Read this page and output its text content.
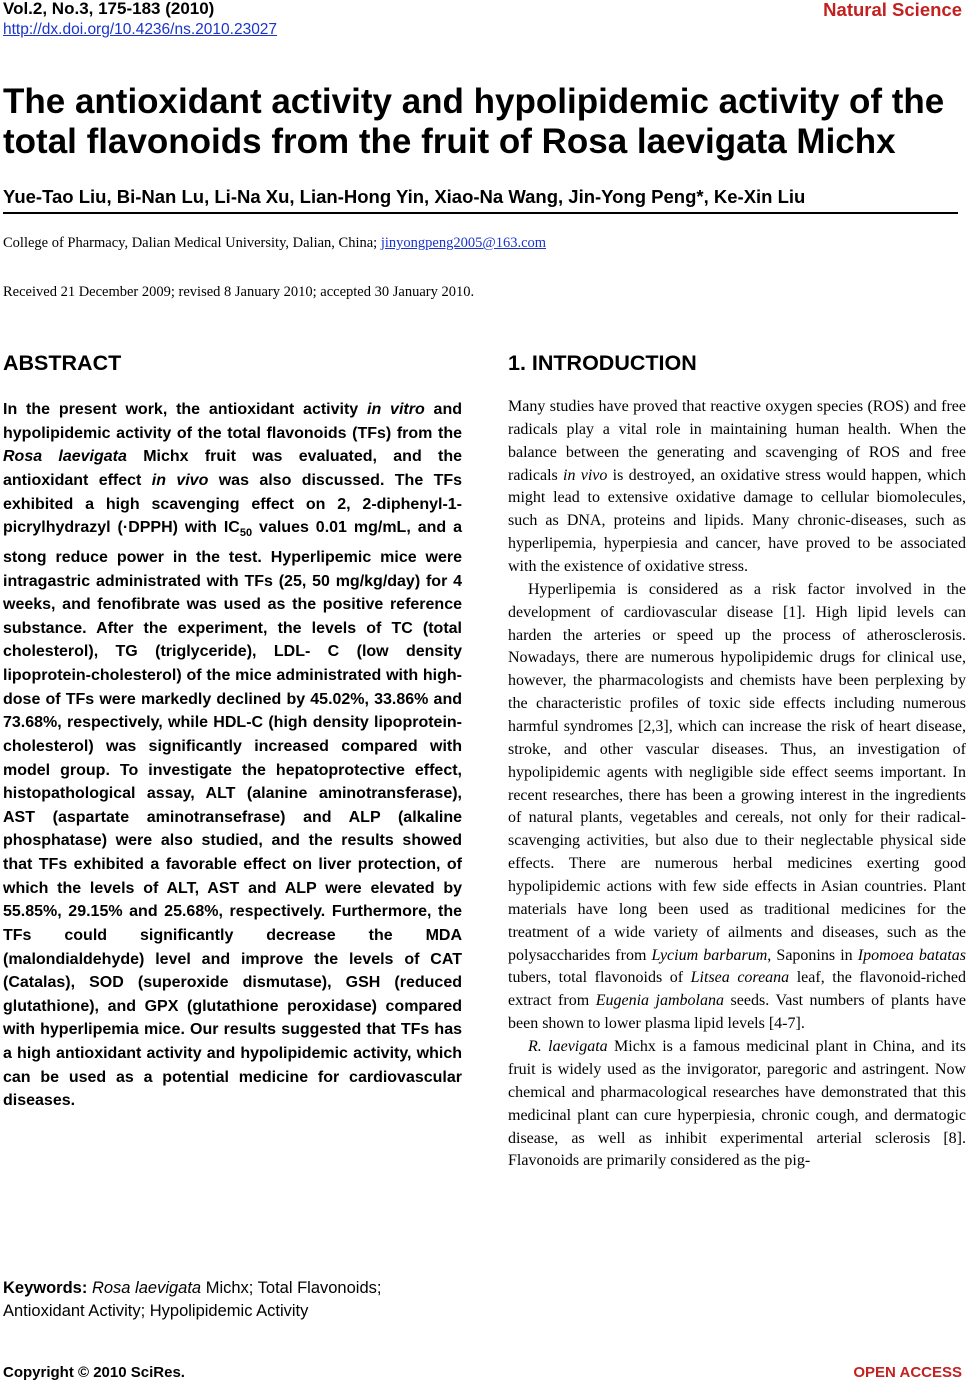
Vol.2, No.3, 175-183 (2010)
http://dx.doi.org/10.4236/ns.2010.23027
Natural Science
The antioxidant activity and hypolipidemic activity of the total flavonoids from the fruit of Rosa laevigata Michx
Yue-Tao Liu, Bi-Nan Lu, Li-Na Xu, Lian-Hong Yin, Xiao-Na Wang, Jin-Yong Peng*, Ke-Xin Liu
College of Pharmacy, Dalian Medical University, Dalian, China; jinyongpeng2005@163.com
Received 21 December 2009; revised 8 January 2010; accepted 30 January 2010.
ABSTRACT

In the present work, the antioxidant activity in vitro and hypolipidemic activity of the total flavonoids (TFs) from the Rosa laevigata Michx fruit was evaluated, and the antioxidant effect in vivo was also discussed. The TFs exhibited a high scavenging effect on 2, 2-diphenyl-1-picrylhydrazyl (·DPPH) with $IC_{50}$ values 0.01 mg/mL, and a stong reduce power in the test. Hyperlipemic mice were intragastric administrated with TFs (25, 50 mg/kg/day) for 4 weeks, and fenofibrate was used as the positive reference substance. After the experiment, the levels of TC (total cholesterol), TG (triglyceride), LDL- C (low density lipoprotein-cholesterol) of the mice administrated with high-dose of TFs were markedly declined by 45.02%, 33.86% and 73.68%, respectively, while HDL-C (high density lipoprotein-cholesterol) was significantly increased compared with model group. To investigate the hepatoprotective effect, histopathological assay, ALT (alanine aminotransferase), AST (aspartate aminotransefrase) and ALP (alkaline phosphatase) were also studied, and the results showed that TFs exhibited a favorable effect on liver protection, of which the levels of ALT, AST and ALP were elevated by 55.85%, 29.15% and 25.68%, respectively. Furthermore, the TFs could significantly decrease the MDA (malondialdehyde) level and improve the levels of CAT (Catalas), SOD (superoxide dismutase), GSH (reduced glutathione), and GPX (glutathione peroxidase) compared with hyperlipemia mice. Our results suggested that TFs has a high antioxidant activity and hypolipidemic activity, which can be used as a potential medicine for cardiovascular diseases.

Keywords: Rosa laevigata Michx; Total Flavonoids; Antioxidant Activity; Hypolipidemic Activity

1. INTRODUCTION

Many studies have proved that reactive oxygen species (ROS) and free radicals play a vital role in maintaining human health. When the balance between the generating and scavenging of ROS and free radicals in vivo is destroyed, an oxidative stress would happen, which might lead to extensive oxidative damage to cellular biomolecules, such as DNA, proteins and lipids. Many chronic-diseases, such as hyperlipemia, hyperpiesia and cancer, have proved to be associated with the existence of oxidative stress.

Hyperlipemia is considered as a risk factor involved in the development of cardiovascular disease [1]. High lipid levels can harden the arteries or speed up the process of atherosclerosis. Nowadays, there are numerous hypolipidemic drugs for clinical use, however, the pharmacologists and chemists have been perplexing by the characteristic profiles of toxic side effects including numerous harmful syndromes [2,3], which can increase the risk of heart disease, stroke, and other vascular diseases. Thus, an investigation of hypolipidemic agents with negligible side effect seems important. In recent researches, there has been a growing interest in the ingredients of natural plants, vegetables and cereals, not only for their radical-scavenging activities, but also due to their neglectable physical side effects. There are numerous herbal medicines exerting good hypolipidemic actions with few side effects in Asian countries. Plant materials have long been used as traditional medicines for the treatment of a wide variety of ailments and diseases, such as the polysaccharides from Lycium barbarum, Saponins in Ipomoea batatas tubers, total flavonoids of Litsea coreana leaf, the flavonoid-riched extract from Eugenia jambolana seeds. Vast numbers of plants have been shown to lower plasma lipid levels [4-7].

R. laevigata Michx is a famous medicinal plant in China, and its fruit is widely used as the invigorator, paregoric and astringent. Now chemical and pharmacological researches have demonstrated that this medicinal plant can cure hyperpiesia, chronic cough, and dermatogic disease, as well as inhibit experimental arterial sclerosis [8]. Flavonoids are primarily considered as the pig-

Copyright © 2010 SciRes.	OPEN ACCESS
